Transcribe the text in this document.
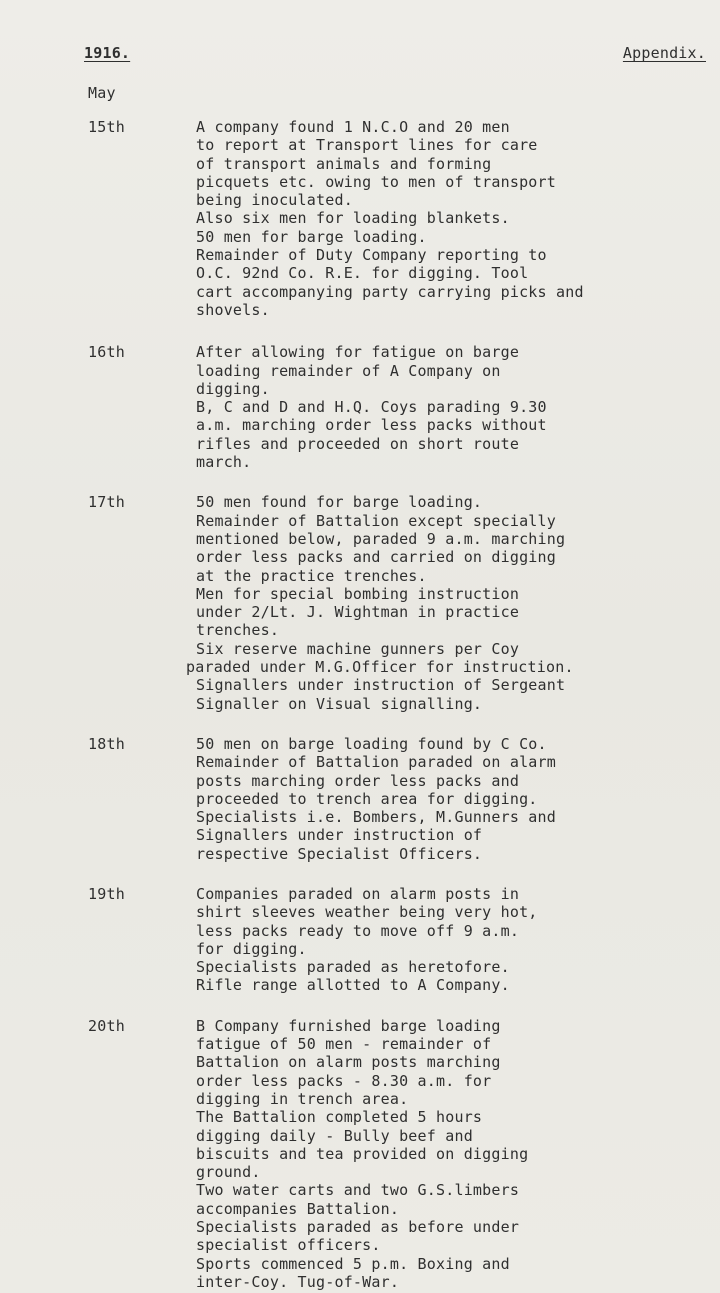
1916.	Appendix.
May
15th	A company found 1 N.C.O and 20 men
to report at Transport lines for care
of transport animals and forming
picquets etc. owing to men of transport
being inoculated.
Also six men for loading blankets.
50 men for barge loading.
Remainder of Duty Company reporting to
O.C. 92nd Co. R.E. for digging. Tool
cart accompanying party carrying picks and
shovels.
16th	After allowing for fatigue on barge
loading remainder of A Company on
digging.
B, C and D and H.Q. Coys parading 9.30
a.m. marching order less packs without
rifles and proceeded on short route
march.
17th	50 men found for barge loading.
Remainder of Battalion except specially
mentioned below, paraded 9 a.m. marching
order less packs and carried on digging
at the practice trenches.
Men for special bombing instruction
under 2/Lt. J. Wightman in practice
trenches.
Six reserve machine gunners per Coy
paraded under M.G.Officer for instruction.
Signallers under instruction of Sergeant
Signaller on Visual signalling.
18th	50 men on barge loading found by C Co.
Remainder of Battalion paraded on alarm
posts marching order less packs and
proceeded to trench area for digging.
Specialists i.e. Bombers, M.Gunners and
Signallers under instruction of
respective Specialist Officers.
19th	Companies paraded on alarm posts in
shirt sleeves weather being very hot,
less packs ready to move off 9 a.m.
for digging.
Specialists paraded as heretofore.
Rifle range allotted to A Company.
20th	B Company furnished barge loading
fatigue of 50 men - remainder of
Battalion on alarm posts marching
order less packs - 8.30 a.m. for
digging in trench area.
The Battalion completed 5 hours
digging daily - Bully beef and
biscuits and tea provided on digging
ground.
Two water carts and two G.S.limbers
accompanies Battalion.
Specialists paraded as before under
specialist officers.
Sports commenced 5 p.m. Boxing and
inter-Coy. Tug-of-War.
